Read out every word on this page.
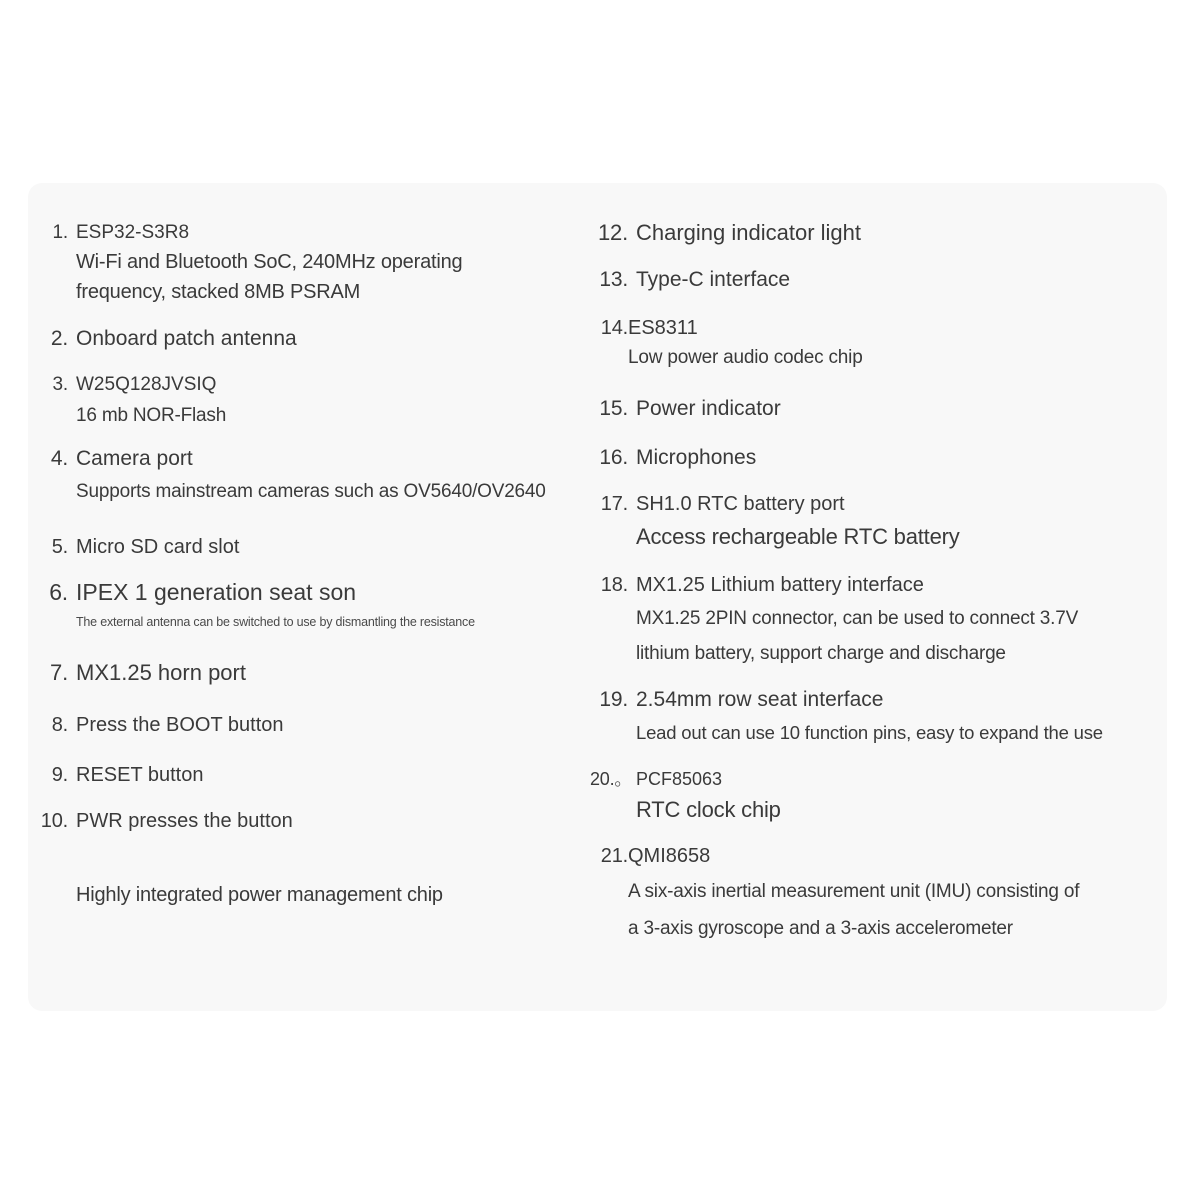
1. ESP32-S3R8
Wi-Fi and Bluetooth SoC, 240MHz operating
frequency, stacked 8MB PSRAM
2. Onboard patch antenna
3. W25Q128JVSIQ
16 mb NOR-Flash
4. Camera port
Supports mainstream cameras such as OV5640/OV2640
5. Micro SD card slot
6. IPEX 1 generation seat son
The external antenna can be switched to use by dismantling the resistance
7. MX1.25 horn port
8. Press the BOOT button
9. RESET button
10. PWR presses the button
Highly integrated power management chip
12. Charging indicator light
13. Type-C interface
14. ES8311
Low power audio codec chip
15. Power indicator
16. Microphones
17. SH1.0 RTC battery port
Access rechargeable RTC battery
18. MX1.25 Lithium battery interface
MX1.25 2PIN connector, can be used to connect 3.7V
lithium battery, support charge and discharge
19. 2.54mm row seat interface
Lead out can use 10 function pins, easy to expand the use
20.。 PCF85063
RTC clock chip
21. QMI8658
A six-axis inertial measurement unit (IMU) consisting of
a 3-axis gyroscope and a 3-axis accelerometer
